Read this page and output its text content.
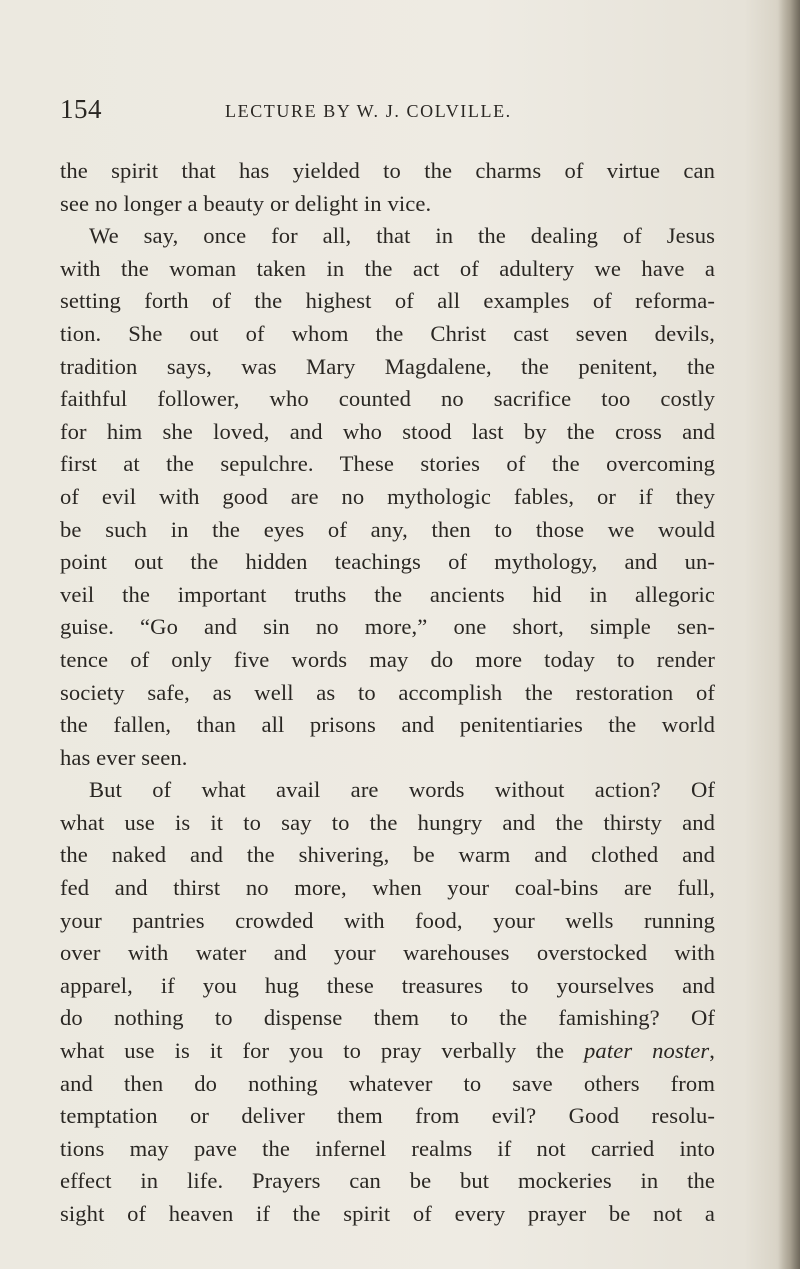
154	LECTURE BY W. J. COLVILLE.
the spirit that has yielded to the charms of virtue can
see no longer a beauty or delight in vice.
We say, once for all, that in the dealing of Jesus
with the woman taken in the act of adultery we have a
setting forth of the highest of all examples of reforma-
tion. She out of whom the Christ cast seven devils,
tradition says, was Mary Magdalene, the penitent, the
faithful follower, who counted no sacrifice too costly
for him she loved, and who stood last by the cross and
first at the sepulchre. These stories of the overcoming
of evil with good are no mythologic fables, or if they
be such in the eyes of any, then to those we would
point out the hidden teachings of mythology, and un-
veil the important truths the ancients hid in allegoric
guise. “Go and sin no more,” one short, simple sen-
tence of only five words may do more today to render
society safe, as well as to accomplish the restoration of
the fallen, than all prisons and penitentiaries the world
has ever seen.
But of what avail are words without action? Of
what use is it to say to the hungry and the thirsty and
the naked and the shivering, be warm and clothed and
fed and thirst no more, when your coal-bins are full,
your pantries crowded with food, your wells running
over with water and your warehouses overstocked with
apparel, if you hug these treasures to yourselves and
do nothing to dispense them to the famishing? Of
what use is it for you to pray verbally the pater noster,
and then do nothing whatever to save others from
temptation or deliver them from evil? Good resolu-
tions may pave the infernel realms if not carried into
effect in life. Prayers can be but mockeries in the
sight of heaven if the spirit of every prayer be not a
